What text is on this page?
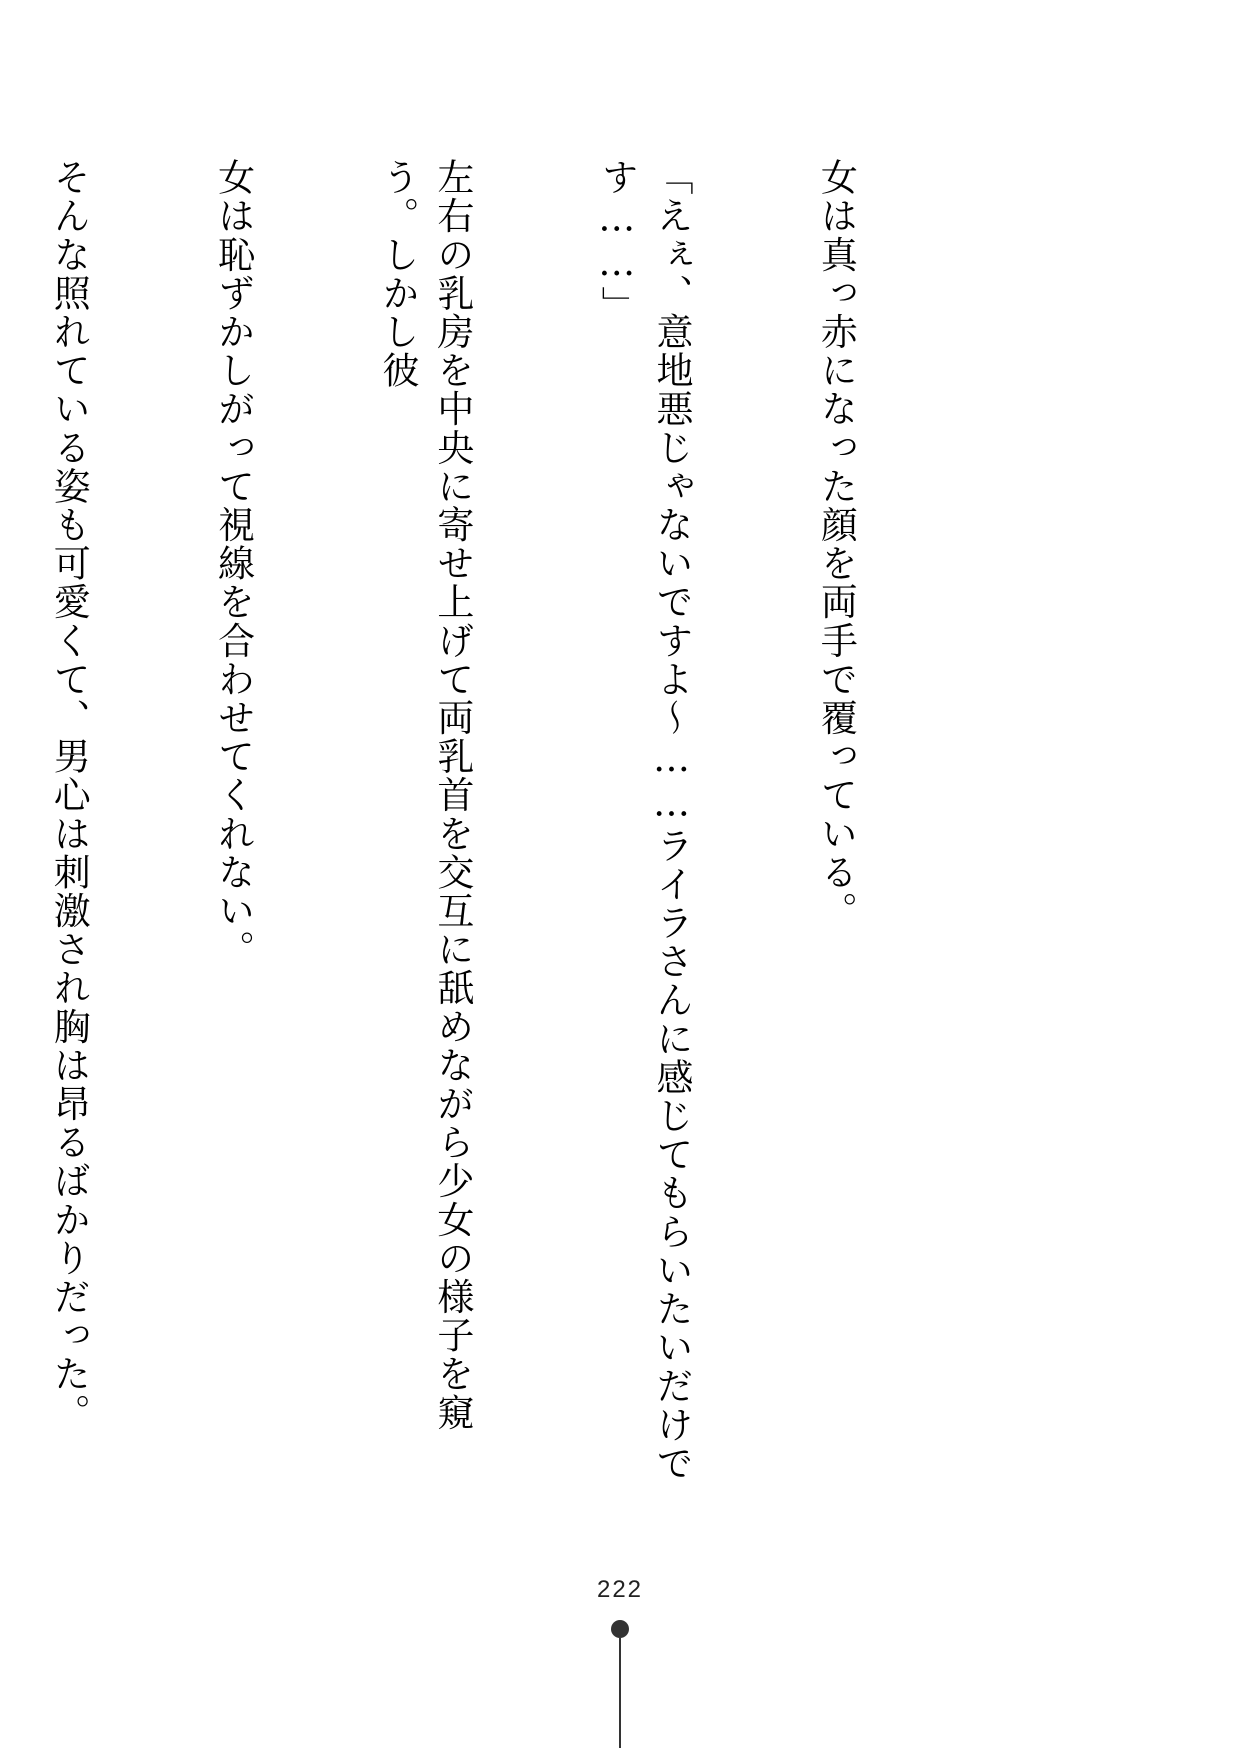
女は真っ赤になった顔を両手で覆っている。

「えぇ、意地悪じゃないですよ～……ライラさんに感じてもらいたいだけです……」

左右の乳房を中央に寄せ上げて両乳首を交互に舐めながら少女の様子を窺う。しかし彼

女は恥ずかしがって視線を合わせてくれない。

そんな照れている姿も可愛くて、男心は刺激され胸は昂るばかりだった。

222
